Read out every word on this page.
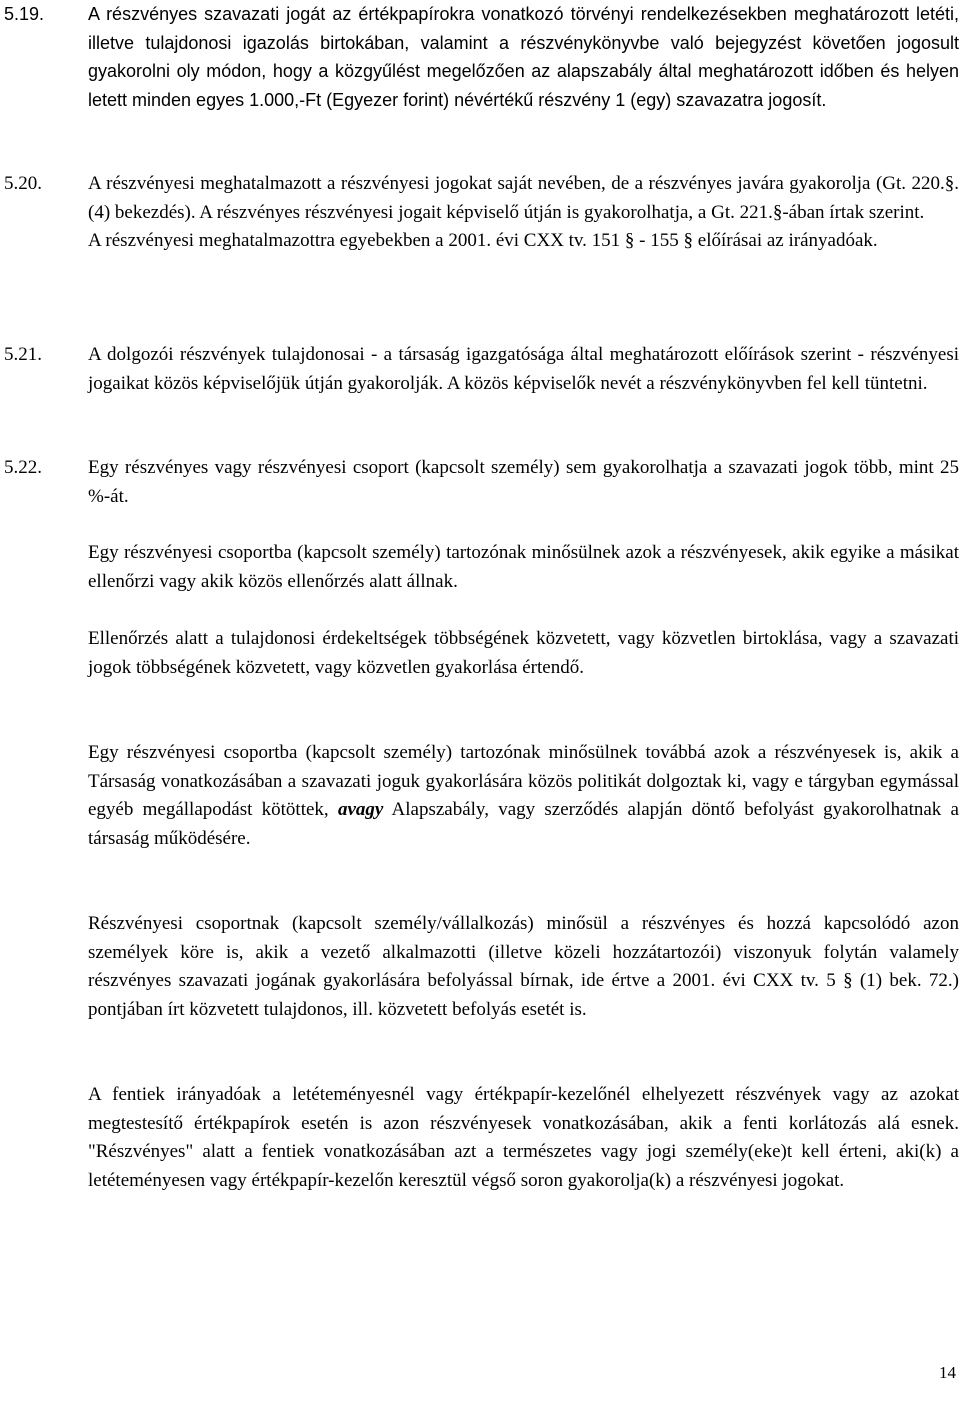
5.19. A részvényes szavazati jogát az értékpapírokra vonatkozó törvényi rendelkezésekben meghatározott letéti, illetve tulajdonosi igazolás birtokában, valamint a részvénykönyvbe való bejegyzést követően jogosult gyakorolni oly módon, hogy a közgyűlést megelőzően az alapszabály által meghatározott időben és helyen letett minden egyes 1.000,-Ft (Egyezer forint) névértékű részvény 1 (egy) szavazatra jogosít.

5.20. A részvényesi meghatalmazott a részvényesi jogokat saját nevében, de a részvényes javára gyakorolja (Gt. 220.§. (4) bekezdés). A részvényes részvényesi jogait képviselő útján is gyakorolhatja, a Gt. 221.§-ában írtak szerint.

A részvényesi meghatalmazottra egyebekben a 2001. évi CXX tv. 151 § - 155 § előírásai az irányadóak.

5.21. A dolgozói részvények tulajdonosai - a társaság igazgatósága által meghatározott előírások szerint - részvényesi jogaikat közös képviselőjük útján gyakorolják. A közös képviselők nevét a részvénykönyvben fel kell tüntetni.

5.22. Egy részvényes vagy részvényesi csoport (kapcsolt személy) sem gyakorolhatja a szavazati jogok több, mint 25 %-át.

Egy részvényesi csoportba (kapcsolt személy) tartozónak minősülnek azok a részvényesek, akik egyike a másikat ellenőrzi vagy akik közös ellenőrzés alatt állnak.

Ellenőrzés alatt a tulajdonosi érdekeltségek többségének közvetett, vagy közvetlen birtoklása, vagy a szavazati jogok többségének közvetett, vagy közvetlen gyakorlása értendő.

Egy részvényesi csoportba (kapcsolt személy) tartozónak minősülnek továbbá azok a részvényesek is, akik a Társaság vonatkozásában a szavazati joguk gyakorlására közös politikát dolgoztak ki, vagy e tárgyban egymással egyéb megállapodást kötöttek, avagy Alapszabály, vagy szerződés alapján döntő befolyást gyakorolhatnak a társaság működésére.

Részvényesi csoportnak (kapcsolt személy/vállalkozás) minősül a részvényes és hozzá kapcsolódó azon személyek köre is, akik a vezető alkalmazotti (illetve közeli hozzátartozói) viszonyuk folytán valamely részvényes szavazati jogának gyakorlására befolyással bírnak, ide értve a 2001. évi CXX tv. 5 § (1) bek. 72.) pontjában írt közvetett tulajdonos, ill. közvetett befolyás esetét is.

A fentiek irányadóak a letéteményesnél vagy értékpapír-kezelőnél elhelyezett részvények vagy az azokat megtestesítő értékpapírok esetén is azon részvényesek vonatkozásában, akik a fenti korlátozás alá esnek. "Részvényes" alatt a fentiek vonatkozásában azt a természetes vagy jogi személy(eke)t kell érteni, aki(k) a letéteményesen vagy értékpapír-kezelőn keresztül végső soron gyakorolja(k) a részvényesi jogokat.

14
